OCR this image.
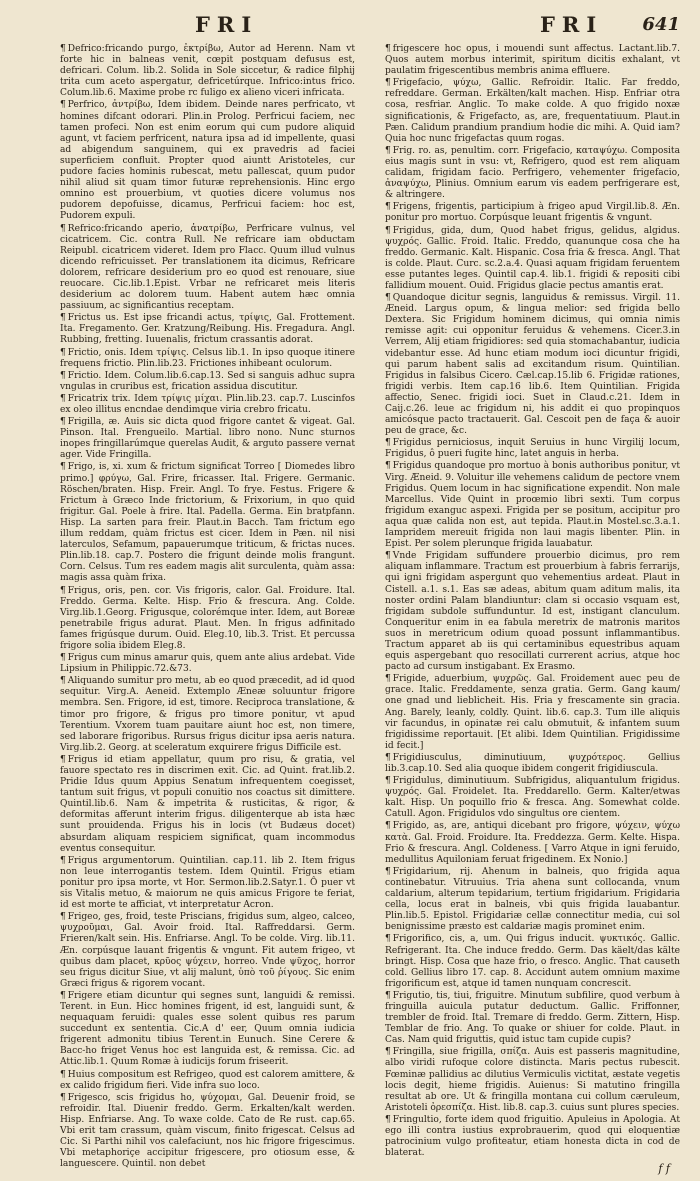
FRI	FRI 641

¶ Defrico:fricando purgo, ἐκτρίβω, Autor ad Herenn. Nam vt forte hic in balneas venit, cœpit postquam defusus est, defricari. Colum. lib.2. Solida in Sole siccetur, & radice filphij trita cum aceto aspergatur, defricetúrque. Infrico:intus frico. Colum.lib.6. Maxime probe rc fuligo ex alieno viceri infricata.

¶ Perfrico, ἀντρίβω, Idem ibidem. Deinde nares perfricato, vt homines difcant odorari. Plin.in Prolog. Perfricui faciem, nec tamen profeci. Non est enim eorum qui cum pudore aliquid agunt, vt faciem perfricent, natura ipsa ad id impellente, quasi ad abigendum sanguinem, qui ex pravedris ad faciei superficiem confluit. Propter quod aiuntt Aristoteles, cur pudore facies hominis rubescat, metu pallescat, quum pudor nihil aliud sit quam timor futuræ reprehensionis. Hinc ergo omnino est prouerbium, vt quoties dicere volumus nos pudorem depofuisse, dicamus, Perfricui faciem: hoc est, Pudorem expuli.

¶ Refrico:fricando aperio, ἀνατρίβω, Perfricare vulnus, vel cicatricem. Cic. contra Rull. Ne refricare iam obductam Reipubl. cicatricem videret. Idem pro Flacc. Quum illud vulnus dicendo refricuisset. Per translationem ita dicimus, Refricare dolorem, refricare desiderium pro eo quod est renouare, siue reuocare. Cic.lib.1.Epist. Vrbar ne refricaret meis literis desiderium ac dolorem tuum. Habent autem hæc omnia passiuum, ac significantius receptam.

¶ Frictus us. Est ipse fricandi actus, τρίψις, Gal. Frottement. Ita. Fregamento. Ger. Kratzung/Reibung. His. Fregadura. Angl. Rubbing, fretting. Iuuenalis, frictum crassantis adorat.

¶ Frictio, onis. Idem τρίψις. Celsus lib.1. In ipso quoque itinere frequens frictio. Plin.lib.23. Frictiones inhibeant oculorum.

¶ Frictio. Idem. Colum.lib.6.cap.13. Sed si sanguis adhuc supra vngulas in cruribus est, frication assidua discutitur.

¶ Fricatrix trix. Idem τρίψις μίχαι. Plin.lib.23. cap.7. Luscinfos ex oleo illitus encndae dendimque viria crebro fricatu.

¶ Frigilla, æ. Auis sic dicta quod frigore cantet & vigeat. Gal. Pinson. Ital. Frengueilo. Martial. libro nono. Nunc sturnos inopes fringillarúmque querelas Audit, & arguto passere vernat ager. Vide Fringilla.

¶ Frigo, is, xi. xum & frictum significat Torreo [ Diomedes libro primo.] φρύγω, Gal. Frire, fricasser. Ital. Frigere. Germanic. Röschen/braten. Hisp. Freir. Angl. To frye. Festus. Frigere & Frictum à Græco Inde frictorium, & Frixorium, in quo quid frigitur. Gal. Poele à frire. Ital. Padella. Germa. Ein bratpfann. Hisp. La sarten para freir. Plaut.in Bacch. Tam frictum ego illum reddam, quàm frictus est cicer. Idem in Pæn. nil nisi laterculos, Sefamum, papauerumque triticum, & frictas nuces. Plin.lib.18. cap.7. Postero die frigunt deinde molis frangunt. Corn. Celsus. Tum res eadem magis alit surculenta, quàm assa: magis assa quàm frixa.

¶ Frigus, oris, pen. cor. Vis frigoris, calor. Gal. Froidure. Ital. Freddo. Germa. Kelte. Hisp. Frio & frescura. Ang. Colde. Virg.lib.1.Georg. Frigusque, colorémque inter. Idem, aut Boreæ penetrabile frigus adurat. Plaut. Men. In frigus adfinitado fames frigúsque durum. Ouid. Eleg.10, lib.3. Trist. Et percussa frigore solia ibidem Eleg.8.

¶ Frigus cum minus amarur quis, quem ante alius ardebat. Vide Lipsium in Philippic.72.&73.

¶ Aliquando sumitur pro metu, ab eo quod præcedit, ad id quod sequitur. Virg.A. Aeneid. Extemplo Æneæ soluuntur frigore membra. Sen. Frigore, id est, timore. Reciproca translatione, & timor pro frigore, & frigus pro timore ponitur, vt apud Terentium. Vxorem tuam pauitare aiunt hoc est, non timere, sed laborare frigoribus. Rursus frigus dicitur ipsa aeris natura. Virg.lib.2. Georg. at sceleratum exquirere frigus Difficile est.

¶ Frigus id etiam appellatur, quum pro risu, & gratia, vel fauore spectato res in discrimen exit. Cic. ad Quint. frat.lib.2. Pridie Idus quum Appius Senatum infrequentem coegisset, tantum suit frigus, vt populi conuitio nos coactus sit dimittere. Quintil.lib.6. Nam & impetrita & rusticitas, & rigor, & deformitas afferunt interim frigus. diligenterque ab ista hæc sunt prouidenda. Frigus his in locis (vt Budæus docet) absurdam aliquam respiciem significat, quam incommodus eventus consequitur.

¶ Frigus argumentorum. Quintilian. cap.11. lib 2. Item frigus non leue interrogantis testem. Idem Quintil. Frigus etiam ponitur pro ipsa morte, vt Hor. Sermon.lib.2.Satyr.1. Ô puer vt sis Vitalis metuo, & maiorum ne quis amicus Frigore te feriat, id est morte te afficiat, vt interpretatur Acron.

¶ Frigeo, ges, froid, teste Priscians, frigidus sum, algeo, calceo, ψυχροῦμαι, Gal. Avoir froid. Ital. Raffreddarsi. Germ. Frieren/kalt sein. His. Enfriarse. Angl. To be colde. Virg. lib.11. Æn. corpúsque lauant frigentis & vngunt. Fit autem frigeo, vt quibus dam placet, κρῦος ψύχειν, horreo. Vnde ψῦχος, horror seu frigus dicitur Siue, vt alij malunt, ὑπὸ τοῦ ῥίγους. Sic enim Græci frigus & rigorem vocant.

¶ Frigere etiam dicuntur qui segnes sunt, languidi & remissi. Terent. in Eun. Hicc homines frigent, id est, languidi sunt, & nequaquam feruidi: quales esse solent quibus res parum succedunt ex sententia. Cic.A d' eer, Quum omnia iudicia frigerent admonitu tibius Terent.in Eunuch. Sine Cerere & Bacc-ho friget Venus hoc est languida est, & remissa. Cic. ad Attic.lib.1. Quum Romæ à iudicijs forum friseerit.

¶ Huius compositum est Refrigeo, quod est calorem amittere, & ex calido frigidum fieri. Vide infra suo loco.

¶ Frigesco, scis frigidus ho, ψύχομαι, Gal. Deuenir froid, se refroidir. Ital. Diuenir freddo. Germ. Erkalten/kalt werden. Hisp. Enfriarse. Ang. To waxe colde. Cato de Re rust. cap.65. Vbi erit tam crassum, quàm viscum, finito frigescat. Celsus ad Cic. Si Parthi nihil vos calefaciunt, nos hic frigore frigescimus. Vbi metaphoriçe accipitur frigescere, pro otiosum esse, & languescere. Quintil. non debet

¶ frigescere hoc opus, i mouendi sunt affectus. Lactant.lib.7. Quos autem morbus interimit, spiritum dicitis exhalant, vt paulatim frigescentibus membris anima effluere.

¶ Frigefacio, ψύχω, Gallic. Refroidir. Italic. Far freddo, refreddare. German. Erkälten/kalt machen. Hisp. Enfriar otra cosa, resfriar. Anglic. To make colde. A quo frigido noxæ significationis, & Frigefacto, as, are, frequentatiuum. Plaut.in Pæn. Calidum prandium prandium hodie dic mihi. A. Quid iam? Quia hoc nunc frigefactas quum rogas.

¶ Frig. ro. as, penultim. corr. Frigefacio, καταψύχω. Composita eius magis sunt in vsu: vt, Refrigero, quod est rem aliquam calidam, frigidam facio. Perfrigero, vehementer frigefacio, ἀναψύχω, Plinius. Omnium earum vis eadem perfrigerare est, & altringere.

¶ Frigens, frigentis, participium à frigeo apud Virgil.lib.8. Æn. ponitur pro mortuo. Corpúsque leuant frigentis & vngunt.

¶ Frigidus, gida, dum, Quod habet frigus, gelidus, algidus. ψυχρός. Gallic. Froid. Italic. Freddo, quanunque cosa che ha freddo. Germanic. Kalt. Hispanic. Cosa fria & fresca. Angl. That is colde. Plaut. Curc. sc.2.a.4. Quasi aquam frigidam feruentem esse putantes leges. Quintil cap.4. lib.1. frigidi & repositi cibi fallidium mouent. Ouid. Frigidus glacie pectus amantis erat.

¶ Quandoque dicitur segnis, languidus & remissus. Virgil. 11. Æneid. Largus opum, & lingua melior: sed frigida bello Dextera. Sic Frigidum hominem dicimus, qui omnia nimis remisse agit: cui opponitur feruidus & vehemens. Cicer.3.in Verrem, Alij etiam frigidiores: sed quia stomachabantur, iudicia videbantur esse. Ad hunc etiam modum ioci dicuntur frigidi, qui parum habent salis ad excitandum risum. Quintilian. Frigidus in falsibus Cicero. Cæl.cap.15.lib 6. Frigidæ rationes, frigidi verbis. Item cap.16 lib.6. Item Quintilian. Frigida affectio, Senec. frigidi ioci. Suet in Claud.c.21. Idem in Caij.c.26. leue ac frigidum ni, his addit ei quo propinquos amicósque pacto tractauerit. Gal. Cescoit pen de faça & auoir peu de grace, &c.

¶ Frigidus perniciosus, inquit Seruius in hunc Virgilij locum, Frigidus, ô pueri fugite hinc, latet anguis in herba.

¶ Frigidus quandoque pro mortuo à bonis authoribus ponitur, vt Virg. Æneid. 9. Voluitur ille vehemens calidum de pectore vnem Frigidus. Quem locum in hac significatione expendit. Non male Marcellus. Vide Quint in proœmio libri sexti. Tum corpus frigidum exanguc aspexi. Frigida per se positum, accipitur pro aqua quæ calida non est, aut tepida. Plaut.in Mostel.sc.3.a.1. Iampridem mereuit frigida non laui magis libenter. Plin. in Epist. Per solem plerunque frigida lauabatur.

¶ Vnde Frigidam suffundere prouerbio dicimus, pro rem aliquam inflammare. Tractum est prouerbium à fabris ferrarijs, qui igni frigidam aspergunt quo vehementius ardeat. Plaut in Cistell. a.1. s.1. Eas sæ adeas, abitum quam aditum malis, ita noster ordini Palam blandiuntur: clam si occasio vsquam est, frigidam subdole suffunduntur. Id est, instigant clanculum. Conqueritur enim in ea fabula meretrix de matronis maritos suos in meretricum odium quoad possunt inflammantibus. Tractum apparet ab iis qui certaminibus equestribus aquam equis aspergebant quo resocillati currerent acrius, atque hoc pacto ad cursum instigabant. Ex Erasmo.

¶ Frigide, aduerbium, ψυχρῶς. Gal. Froidement auec peu de grace. Italic. Freddamente, senza gratia. Germ. Gang kaum/ one gnad und lieblicheit. His. Fria y frescamente sin gracia. Ang. Barely, leanly, coldly. Quint. lib.6. cap.3. Tum ille aliquis vir facundus, in opinatæ rei calu obmutuit, & infantem suum frigidissime reportauit. [Et alibi. Idem Quintilian. Frigidissime id fecit.]

¶ Frigidiusculus, diminutiuum, ψυχρότερος. Gellius lib.3.cap.10. Sed alia quoque ibidem congerit frigidiuscula.

¶ Frigidulus, diminutiuum. Subfrigidus, aliquantulum frigidus. ψυχρός. Gal. Froidelet. Ita. Freddarello. Germ. Kalter/etwas kalt. Hisp. Un poquillo frio & fresca. Ang. Somewhat colde. Catull. Agon. Frigidulos vdo singultus ore cientem.

¶ Frigido, as, are, antiqui dicebant pro frigore, ψύχειν, ψύχω κατὰ. Gal. Froid. Froidure. Ita. Freddezza. Germ. Kelte. Hispa. Frio & frescura. Angl. Coldeness. [ Varro Atque in igni feruido, medullitus Aquiloniam feruat frigedinem. Ex Nonio.]

¶ Frigidarium, rij. Ahenum in balneis, quo frigida aqua continebatur. Vitruuius. Tria ahena sunt collocanda, vnum caldarium, alterum tepidarium, tertium frigidarium. Frigidaria cella, locus erat in balneis, vbi quis frigida lauabantur. Plin.lib.5. Epistol. Frigidariæ cellæ connectitur media, cui sol benignissime præsto est caldariæ magis prominet enim.

¶ Frigorifico, cis, a, um. Qui frigus inducit. ψυκτικός. Gallic. Refrigerant. Ita. Che induce freddo. Germ. Das käelt/das kälte bringt. Hisp. Cosa que haze frio, o fresco. Anglic. That causeth cold. Gellius libro 17. cap. 8. Accidunt autem omnium maxime frigorificum est, atque id tamen nunquam concrescit.

¶ Frigutio, tis, tiui, friguitre. Minutum subfilire, quod verbum à fringuilla auicula putatur deductum. Gallic. Friffonner, trembler de froid. Ital. Tremare di freddo. Germ. Zittern, Hisp. Temblar de frio. Ang. To quake or shiuer for colde. Plaut. in Cas. Nam quid friguttis, quid istuc tam cupide cupis?

¶ Fringilla, siue frigilla, σπίζα. Auis est passeris magnitudine, albo viridi rufoque colore distincta. Maris pectus rubescit. Fœminæ pallidius ac dilutius Vermiculis victitat, æstate vegetis locis degit, hieme frigidis. Auienus: Si matutino fringilla resultat ab ore. Ut & fringilla montana cui collum cæruleum, Aristoteli ὀρεσπίζα. Hist. lib.8. cap.3. cuius sunt plures species.

¶ Fringultio, forte idem quod friguitio. Apuleius in Apologia. At ego illi contra iustius exprobrauerim, quod qui eloquentiæ patrocinium vulgo profiteatur, etiam honesta dicta in cod de blaterat.

f f
